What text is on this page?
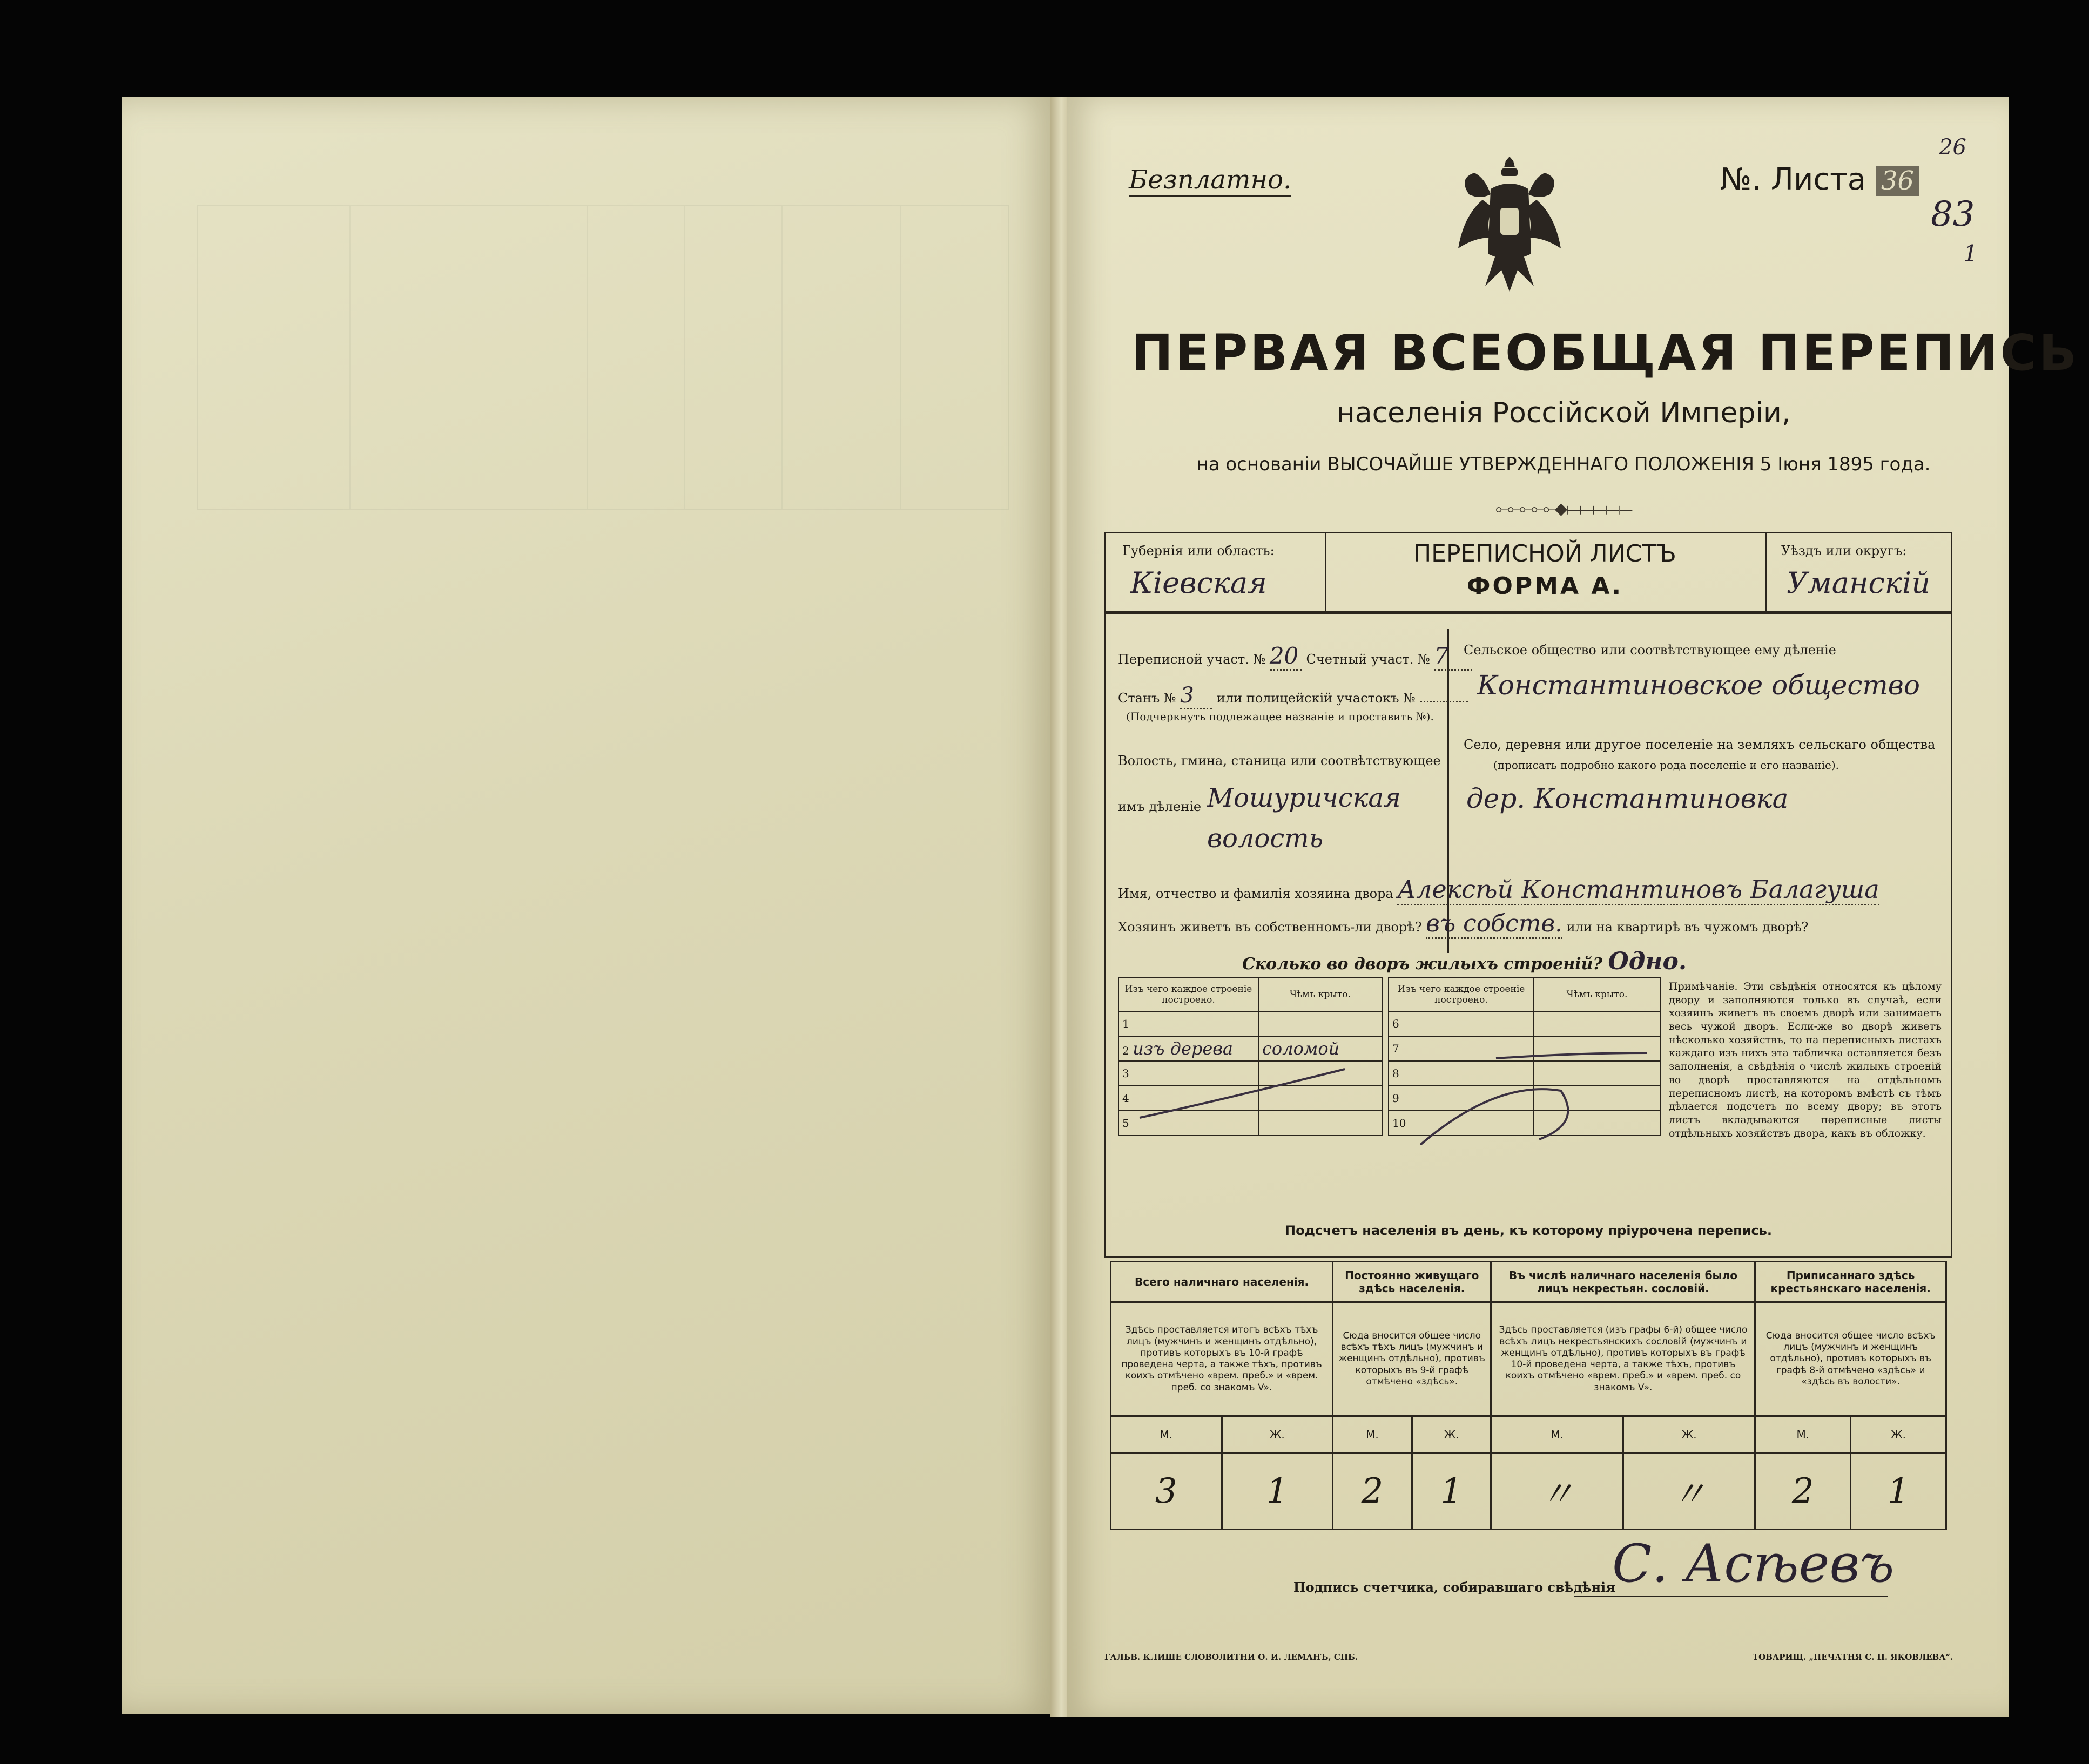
Безплатно.	№. Листа 36
26
83
1
ПЕРВАЯ ВСЕОБЩАЯ ПЕРЕПИСЬ
населенія Россійской Имперіи,
на основаніи ВЫСОЧАЙШЕ УТВЕРЖДЕННАГО ПОЛОЖЕНІЯ 5 Іюня 1895 года.
⟜⟜⟜⟜⟜◆⟝⟝⟝⟝⟝
Губернія или область:
Кіевская
ПЕРЕПИСНОЙ ЛИСТЪ
ФОРМА А.
Уѣздъ или округъ:
Уманскій
Переписной участ. № 20 Счетный участ. № 7
Станъ № 3 или полицейскій участокъ №
(Подчеркнуть подлежащее названіе и проставить №).
Волость, гмина, станица или соотвѣтствующее
имъ дѣленіе Мошуричская
волость
Сельское общество или соотвѣтствующее ему дѣленіе
Константиновское общество
Село, деревня или другое поселеніе на земляхъ сельскаго общества
(прописать подробно какого рода поселеніе и его названіе).
дер. Константиновка
Имя, отчество и фамилія хозяина двора Алексѣй Константиновъ Балагуша
Хозяинъ живетъ въ собственномъ-ли дворѣ? въ собств. или на квартирѣ въ чужомъ дворѣ?
Сколько во дворъ жилыхъ строеній? Одно.
Изъ чего каждое строеніе построено.	Чѣмъ крыто.
1	
2 изъ дерева	соломой
3	
4	
5	
Изъ чего каждое строеніе построено.	Чѣмъ крыто.
6	
7	
8	
9	
10	
Примѣчаніе. Эти свѣдѣнія относятся къ цѣлому двору и заполняются только въ случаѣ, если хозяинъ живетъ въ своемъ дворѣ или занимаетъ весь чужой дворъ. Если-же во дворѣ живетъ нѣсколько хозяйствъ, то на переписныхъ листахъ каждаго изъ нихъ эта табличка оставляется безъ заполненія, а свѣдѣнія о числѣ жилыхъ строеній во дворѣ проставляются на отдѣльномъ переписномъ листѣ, на которомъ вмѣстѣ съ тѣмъ дѣлается подсчетъ по всему двору; въ этотъ листъ вкладываются переписные листы отдѣльныхъ хозяйствъ двора, какъ въ обложку.
Подсчетъ населенія въ день, къ которому пріурочена перепись.
Всего наличнаго населенія.		Постоянно живущаго здѣсь населенія.		Въ числѣ наличнаго населенія было лицъ некрестьян. сословій.		Приписаннаго здѣсь крестьянскаго населенія.	
Здѣсь проставляется итогъ всѣхъ тѣхъ лицъ (мужчинъ и женщинъ отдѣльно), противъ которыхъ въ 10-й графѣ проведена черта, а также тѣхъ, противъ коихъ отмѣчено «врем. преб.» и «врем. преб. со знакомъ V».		Сюда вносится общее число всѣхъ тѣхъ лицъ (мужчинъ и женщинъ отдѣльно), противъ которыхъ въ 9-й графѣ отмѣчено «здѣсь».		Здѣсь проставляется (изъ графы 6-й) общее число всѣхъ лицъ некрестьянскихъ сословій (мужчинъ и женщинъ отдѣльно), противъ которыхъ въ графѣ 10-й проведена черта, а также тѣхъ, противъ коихъ отмѣчено «врем. преб.» и «врем. преб. со знакомъ V».		Сюда вносится общее число всѣхъ лицъ (мужчинъ и женщинъ отдѣльно), противъ которыхъ въ графѣ 8-й отмѣчено «здѣсь» и «здѣсь въ волости».	
М.	Ж.	М.	Ж.	М.	Ж.	М.	Ж.
3	1	2	1	〃	〃	2	1
Подпись счетчика, собиравшаго свѣдѣнія
С. Асѣевъ
ГАЛЬВ. КЛИШЕ СЛОВОЛИТНИ О. И. ЛЕМАНЪ, СПБ.	ТОВАРИЩ. „ПЕЧАТНЯ С. П. ЯКОВЛЕВА“.
